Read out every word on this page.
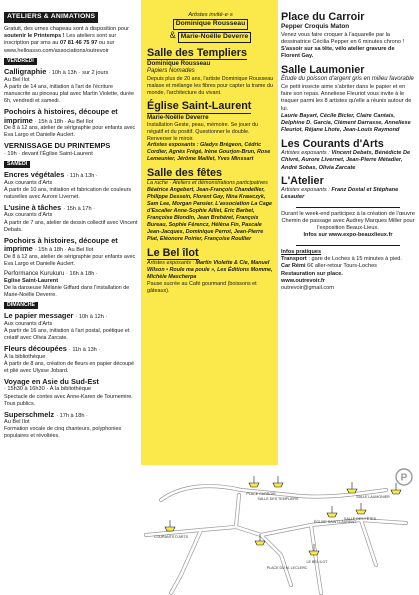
ATELIERS & ANIMATIONS

Gratuit, des urnes chapeau sont à disposition pour soutenir le Printemps ! Les ateliers sont sur inscription par sms au 07 81 46 75 97 ou sur www.helloasso.com/associations/outrevoir

VENDREDI
Calligraphie · 10h à 13h · sur 2 jours

Au Bel Ilot

À partir de 14 ans, initiation à l'art de l'écriture manuscrite au pinceau plat avec Martin Violette, durée 6h, vendredi et samedi.

Pochoirs à histoires, découpe et imprime · 15h à 18h · Au Bel Ilot

De 8 à 12 ans, atelier de sérigraphie pour enfants avec Eva Largo et Danielle Auclert.

VERNISSAGE DU PRINTEMPS

· 19h · devant l'Église Saint-Laurent

SAMEDI
Encres végétales · 11h à 13h ·

Aux courants d'Arts

À partir de 10 ans, initiation et fabrication de couleurs naturelles avec Aurore Livernet.

L'usine à tâches · 15h à 17h ·

Aux courants d'Arts

À partir de 7 ans, atelier de dessin collectif avec Vincent Debats.

Pochoirs à histoires, découpe et imprime · 15h à 18h · Au Bel Ilot

De 8 à 12 ans, atelier de sérigraphie pour enfants avec Eva Largo et Danielle Auclert.

Performance Kurukuru · 16h à 18h ·

Eglise Saint-Laurent

De la danseuse Mélanie Giffard dans l'installation de Marie-Noëlle Deverre.

DIMANCHE
Le papier messager · 10h à 12h ·

Aux courants d'Arts

À partir de 16 ans, initiation à l'art postal, poétique et créatif avec Olivia Zarcate.

Fleurs découpées · 11h à 13h ·

À la bibliothèque

À partir de 8 ans, création de fleurs en papier découpé et plié avec Ulysse Jobard.

Voyage en Asie du Sud-Est

· 15h30 à 16h30 · À la bibliothèque

Spectacle de contes avec Anne-Karen de Tournemire. Tous publics.

Superschmelz · 17h à 18h ·

Au Bel Ilot

Formation vocale de cinq chanteurs, polyphonies populaires et révoltées.

Artistes invité·e·s
Dominique Rousseau
& Marie-Noëlle Deverre
Salle des Templiers

Dominique Rousseau

Papiers Nomades

Depuis plus de 20 ans, l'artiste Dominique Rousseau malaxe et mélange les fibres pour capter la trame du monde, l'architecture du vivant.

Église Saint-Laurent

Marie-Noëlle Deverre

Installation Geste, peau, mémoire. Se jouer du négatif et du positif. Questionner le double. Renverser le miroir.

Artistes exposants : Gladys Brégeon, Cédric Cordier, Agnès Frégé, Irène Gourjon-Brun, Rose Lemeunier, Jérôme Maillet, Yves Minssart

Salle des fêtes

La ruche · Ateliers et démonstrations participatives

Béatrice Angebert, Jean-François Chandellier, Philippe Dessein, Florent Gay, Nina Krawczyk, Sam Lee, Morgan Pansier. L'association La Cage d'Escalier Anne-Sophie Aillet, Eric Barbet, Françoise Blondin, Jean Brehéret, François Bureau, Sophie Férencz, Hélèna Fin, Pascale Jean-Jacques, Dominique Perrot, Jean-Pierre Piat, Eléonore Poirier, Françoise Roullier

Le Bel îlot

Artistes exposants : Martin Violette & Cie, Manuel Wilson • Roule ma poule », Les Éditions Momme, Michèle Mascherpa

Pause sucrée au Café gourmand (boissons et gâteaux).

Place du Carroir

Pepper Croquis Maton

Venez vous faire croquer à l'aquarelle par la dessinatrice Cécilia Pepper en 6 minutes chrono !

S'assoir sur sa tête, vélo atelier gravure de Florent Gay.

Salle Laumonier

Étude du poisson d'argent gris en milieu favorable

Ce petit insecte aime s'abriter dans le papier et en faire son repas. Anneliese Fleuriot vous invite à le traquer parmi les 8 artistes qu'elle a réunis autour de lui.

Laurie Bayart, Cécile Bicler, Claire Cantais, Delphine D. Garcia, Clément Darrasse, Anneliese Fleuriot, Réjane Lhote, Jean-Louis Raymond

Les Courants d'Arts

Artistes exposants : Vincent Debats, Bénédicte De Chivré, Aurore Livernet, Jean-Pierre Métadier, André Sobas, Olivia Zarcate

L'Atelier

Artistes exposants : Franz Dostal et Stéphane Lesauter

Durant le week-end participez à la création de l'œuvre Chemin de passage avec Audrey Marques Miller pour l'exposition Beaux-Lieux.

Infos sur www.expo-beauxlieux.fr

Infos pratiques

Transport : gare de Loches à 15 minutes à pied.

Car Rémi 6€ aller-retour Tours-Loches

Restauration sur place.

www.outrevoir.fr

outrevoir@gmail.com

P
PLACE CARROIR
SALLE DES TEMPLIERS	SALLE LAUMONIER
SALLE DES FÊTES
ÉGLISE SAINT-LAURENT
COURANTS D'ARTS
PLACE DU M. LECLERC
LE BEL ILOT
